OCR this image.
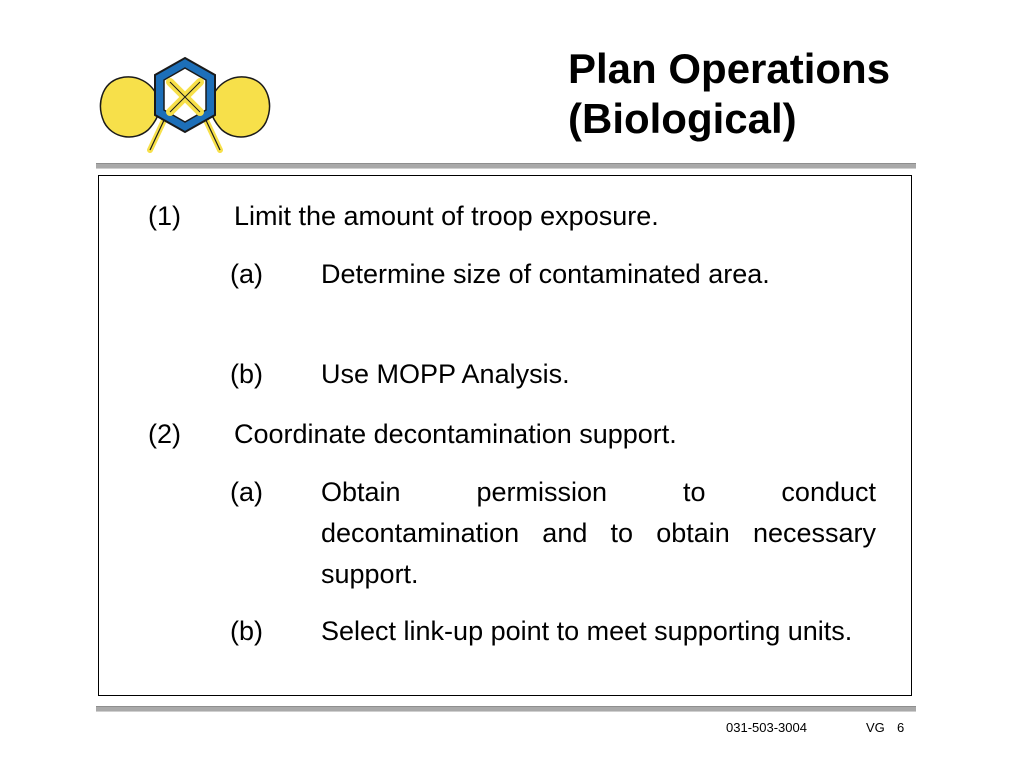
Plan Operations
(Biological)
(1) Limit the amount of troop exposure.
(a) Determine size of contaminated area.
(b) Use MOPP Analysis.
(2) Coordinate decontamination support.
(a) Obtain permission to conduct decontamination and to obtain necessary support.
(b) Select link-up point to meet supporting units.
031-503-3004	VG 6
